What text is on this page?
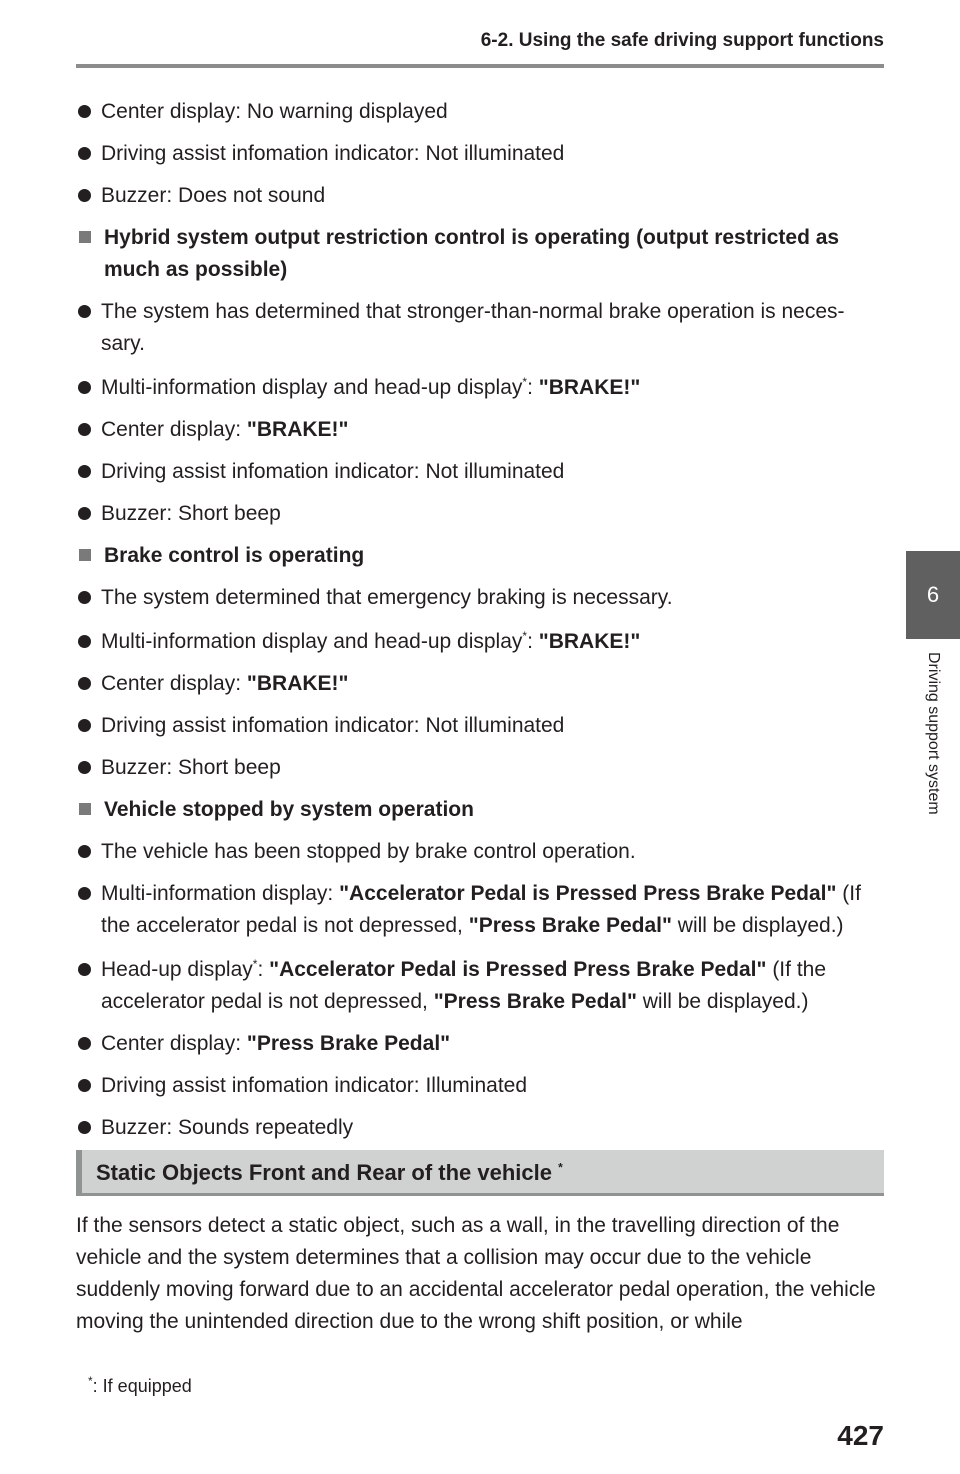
6-2. Using the safe driving support functions
6
Driving support system
Center display: No warning displayed
Driving assist infomation indicator: Not illuminated
Buzzer: Does not sound
Hybrid system output restriction control is operating (output restricted as much as possible)
The system has determined that stronger-than-normal brake operation is neces-sary.
Multi-information display and head-up display*: "BRAKE!"
Center display: "BRAKE!"
Driving assist infomation indicator: Not illuminated
Buzzer: Short beep
Brake control is operating
The system determined that emergency braking is necessary.
Multi-information display and head-up display*: "BRAKE!"
Center display: "BRAKE!"
Driving assist infomation indicator: Not illuminated
Buzzer: Short beep
Vehicle stopped by system operation
The vehicle has been stopped by brake control operation.
Multi-information display: "Accelerator Pedal is Pressed Press Brake Pedal" (If the accelerator pedal is not depressed, "Press Brake Pedal" will be displayed.)
Head-up display*: "Accelerator Pedal is Pressed Press Brake Pedal" (If the accelerator pedal is not depressed, "Press Brake Pedal" will be displayed.)
Center display: "Press Brake Pedal"
Driving assist infomation indicator: Illuminated
Buzzer: Sounds repeatedly
Static Objects Front and Rear of the vehicle *
If the sensors detect a static object, such as a wall, in the travelling direction of the vehicle and the system determines that a collision may occur due to the vehicle suddenly moving forward due to an accidental accelerator pedal operation, the vehicle moving the unintended direction due to the wrong shift position, or while
*: If equipped
427
